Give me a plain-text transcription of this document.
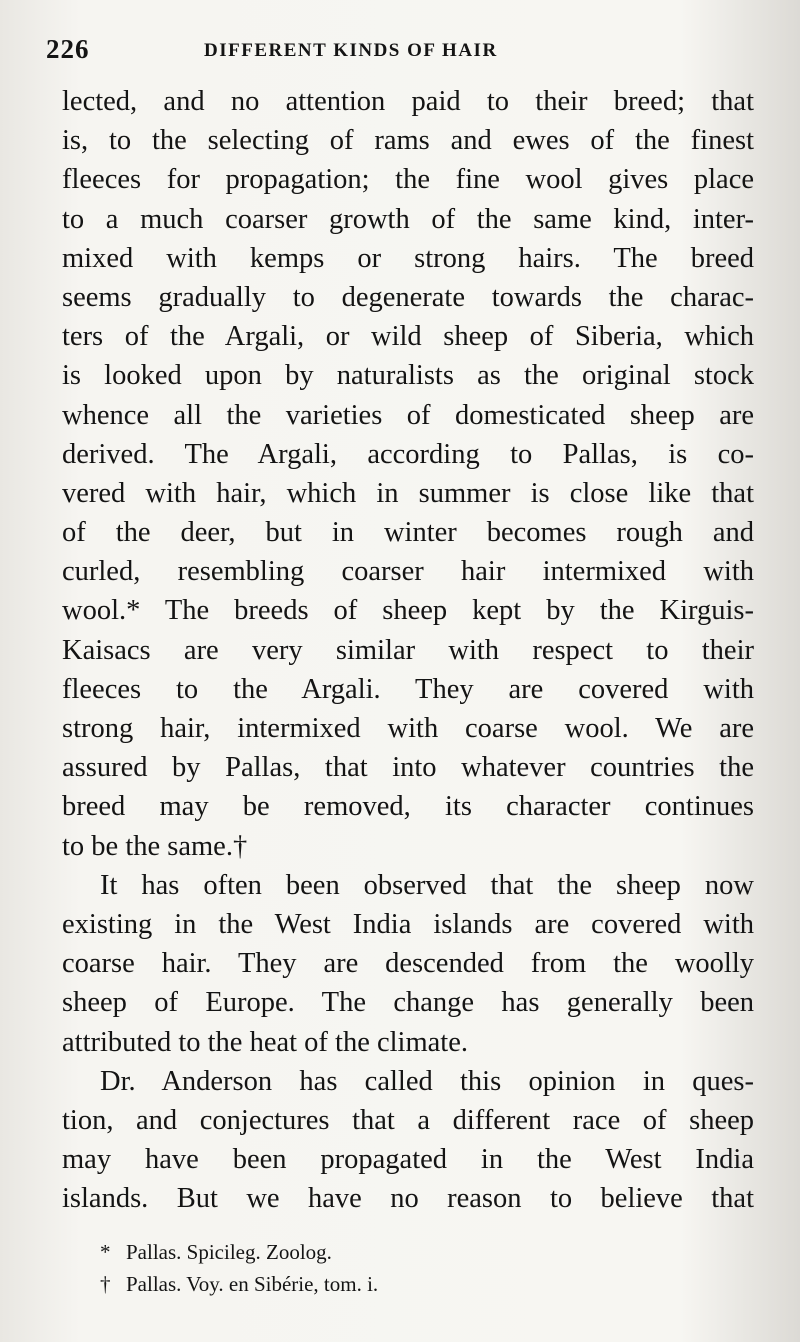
226	DIFFERENT KINDS OF HAIR
lected, and no attention paid to their breed; that
is, to the selecting of rams and ewes of the finest
fleeces for propagation; the fine wool gives place
to a much coarser growth of the same kind, inter-
mixed with kemps or strong hairs. The breed
seems gradually to degenerate towards the charac-
ters of the Argali, or wild sheep of Siberia, which
is looked upon by naturalists as the original stock
whence all the varieties of domesticated sheep are
derived. The Argali, according to Pallas, is co-
vered with hair, which in summer is close like that
of the deer, but in winter becomes rough and
curled, resembling coarser hair intermixed with
wool.* The breeds of sheep kept by the Kirguis-
Kaisacs are very similar with respect to their
fleeces to the Argali. They are covered with
strong hair, intermixed with coarse wool. We are
assured by Pallas, that into whatever countries the
breed may be removed, its character continues
to be the same.†
It has often been observed that the sheep now
existing in the West India islands are covered with
coarse hair. They are descended from the woolly
sheep of Europe. The change has generally been
attributed to the heat of the climate.
Dr. Anderson has called this opinion in ques-
tion, and conjectures that a different race of sheep
may have been propagated in the West India
islands. But we have no reason to believe that
* Pallas. Spicileg. Zoolog.
† Pallas. Voy. en Sibérie, tom. i.
